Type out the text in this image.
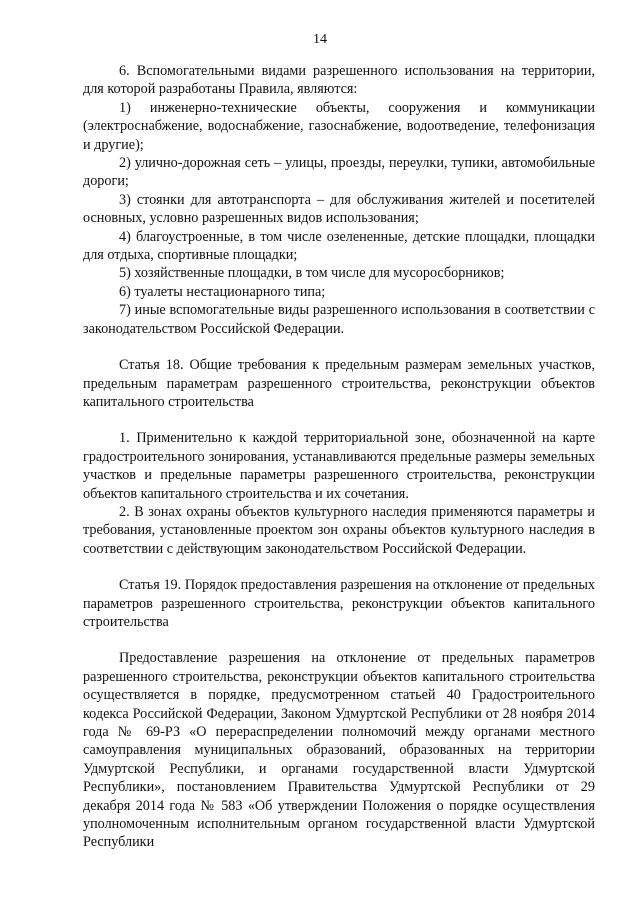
14

6. Вспомогательными видами разрешенного использования на территории, для которой разработаны Правила, являются:

1) инженерно-технические объекты, сооружения и коммуникации (электроснабжение, водоснабжение, газоснабжение, водоотведение, телефонизация и другие);

2) улично-дорожная сеть – улицы, проезды, переулки, тупики, автомобильные дороги;

3) стоянки для автотранспорта – для обслуживания жителей и посетителей основных, условно разрешенных видов использования;

4) благоустроенные, в том числе озелененные, детские площадки, площадки для отдыха, спортивные площадки;

5) хозяйственные площадки, в том числе для мусоросборников;

6) туалеты нестационарного типа;

7) иные вспомогательные виды разрешенного использования в соответствии с законодательством Российской Федерации.

Статья 18. Общие требования к предельным размерам земельных участков, предельным параметрам разрешенного строительства, реконструкции объектов капитального строительства

1. Применительно к каждой территориальной зоне, обозначенной на карте градостроительного зонирования, устанавливаются предельные размеры земельных участков и предельные параметры разрешенного строительства, реконструкции объектов капитального строительства и их сочетания.

2. В зонах охраны объектов культурного наследия применяются параметры и требования, установленные проектом зон охраны объектов культурного наследия в соответствии с действующим законодательством Российской Федерации.

Статья 19. Порядок предоставления разрешения на отклонение от предельных параметров разрешенного строительства, реконструкции объектов капитального строительства

Предоставление разрешения на отклонение от предельных параметров разрешенного строительства, реконструкции объектов капитального строительства осуществляется в порядке, предусмотренном статьей 40 Градостроительного кодекса Российской Федерации, Законом Удмуртской Республики от 28 ноября 2014 года № 69-РЗ «О перераспределении полномочий между органами местного самоуправления муниципальных образований, образованных на территории Удмуртской Республики, и органами государственной власти Удмуртской Республики», постановлением Правительства Удмуртской Республики от 29 декабря 2014 года № 583 «Об утверждении Положения о порядке осуществления уполномоченным исполнительным органом государственной власти Удмуртской Республики
